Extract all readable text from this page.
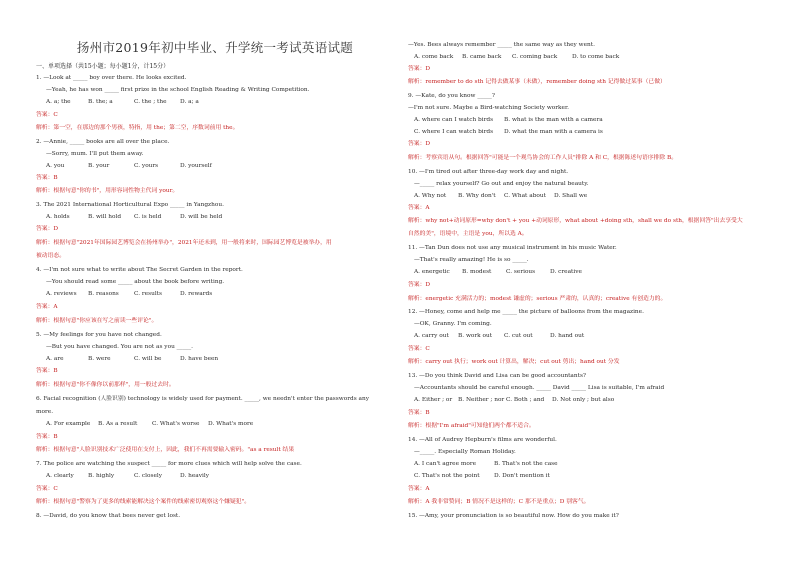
扬州市2019年初中毕业、升学统一考试英语试题
一、单项选择（共15小题；每小题1分，计15分）
1. —Look at _____ boy over there. He looks excited.
—Yeah, he has won _____ first prize in the school English Reading & Writing Competition.
A. a; the	B. the; a	C. the ; the D. a; a
答案：C
解析：第一空，在那边的那个男孩，特指，用 the；第二空，序数词前用 the。
2. —Annie, _____ books are all over the place.
—Sorry, mum. I'll put them away.
A. you	B. your	C. yours	D. yourself
答案：B
解析：根据句意"你的书"，用形容词性物主代词 your。
3. The 2021 International Horticultural Expo _____ in Yangzhou.
A. holds	B. will hold C. is held	D. will be held
答案：D
解析：根据句意"2021年国际园艺博览会在扬州举办"，2021年还未到，用一般将来时，国际园艺博览是被举办，用
被动语态。
4. —I'm not sure what to write about The Secret Garden in the report.
—You should read some _____ about the book before writing.
A. reviews B. reasons	C. results	D. rewards
答案：A
解析：根据句意"你应该在写之前读一些评论"。
5. —My feelings for you have not changed.
—But you have changed. You are not as you _____.
A. are	B. were	C. will be	D. have been
答案：B
解析：根据句意"你不像你以前那样"，用一般过去时。
6. Facial recognition (人脸识别) technology is widely used for payment. _____, we needn't enter the passwords any
more.
A. For example B. As a result	C. What's worse D. What's more
答案：B
解析：根据句意"人脸识别技术广泛使用在支付上，因此，我们不再需要输入密码。"as a result 结果
7. The police are watching the suspect _____ for more clues which will help solve the case.
A. clearly B. highly	C. closely	D. heavily
答案：C
解析：根据句意"警察为了更多的线索能解决这个案件的线索密切观察这个嫌疑犯"。
8. —David, do you know that bees never get lost.
—Yes. Bees always remember _____ the same way as they went.
A. come back B. came back C. coming back	D. to come back
答案：D
解析：remember to do sth 记得去做某事（未做），remember doing sth 记得做过某事（已做）
9. —Kate, do you know _____?
—I'm not sure. Maybe a Bird-watching Society worker.
A. where can I watch birds B. what is the man with a camera
C. where I can watch birds D. what the man with a camera is
答案：D
解析：考察宾语从句。根据回答"可能是一个观鸟协会的工作人员"排除 A 和 C，根据陈述句语序排除 B。
10. —I'm tired out after three-day work day and night.
—_____ relax yourself? Go out and enjoy the natural beauty.
A. Why not B. Why don't C. What about D. Shall we
答案：A
解析：why not+动词原形=why don't + you +动词原形，what about +doing sth，shall we do sth，根据回答"出去享受大
自然的美"，语境中，主语是 you，所以选 A。
11. —Tan Dun does not use any musical instrument in his music Water.
—That's really amazing! He is so _____.
A. energetic B. modest	C. serious	D. creative
答案：D
解析：energetic 充满活力的；modest 谦虚的；serious 严肃的，认真的；creative 有创造力的。
12. —Honey, come and help me _____ the picture of balloons from the magazine.
—OK, Granny. I'm coming.
A. carry out B. work out C. cut out	D. hand out
答案：C
解析：carry out 执行；work out 计算出，解决；cut out 剪出；hand out 分发
13. —Do you think David and Lisa can be good accountants?
—Accountants should be careful enough. _____ David _____ Lisa is suitable, I'm afraid
A. Either ; or B. Neither ; nor C. Both ; and D. Not only ; but also
答案：B
解析：根据"I'm afraid"可知他们两个都不适合。
14. —All of Audrey Hepburn's films are wonderful.
—_____. Especially Roman Holiday.
A. I can't agree more	B. That's not the case
C. That's not the point D. Don't mention it
答案：A
解析：A 我非常赞同；B 情况不是这样的；C 那不是重点；D 别客气。
15. —Amy, your pronunciation is so beautiful now. How do you make it?
